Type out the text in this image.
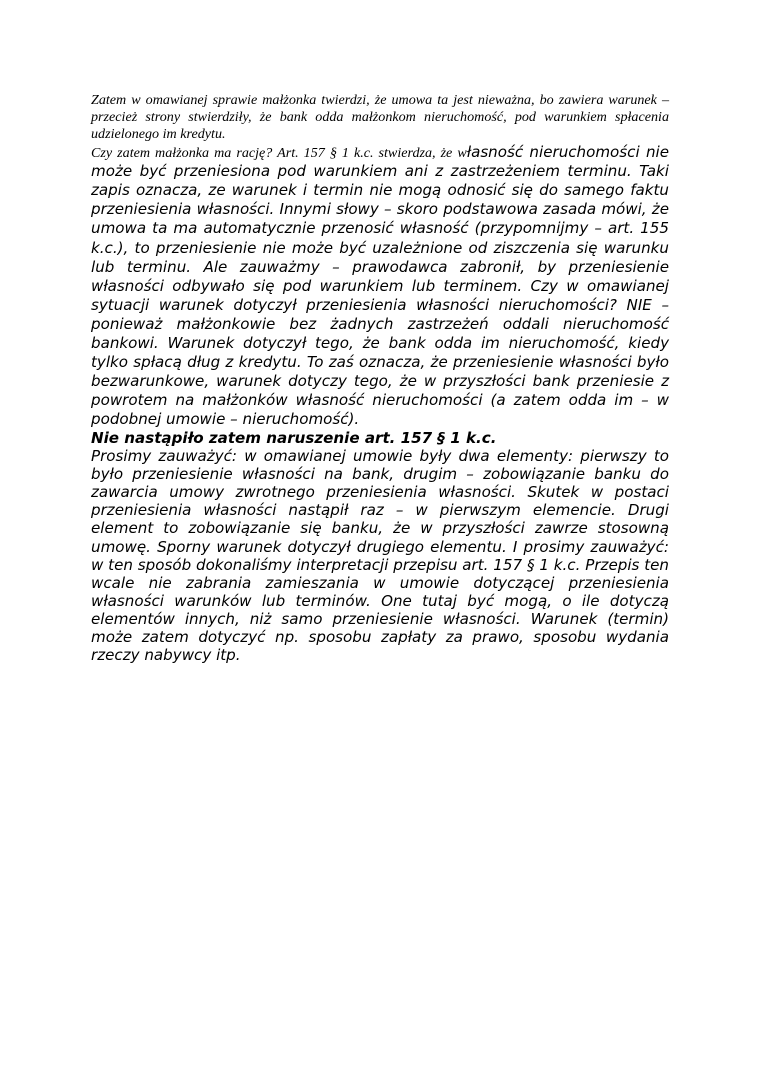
Zatem w omawianej sprawie małżonka twierdzi, że umowa ta jest nieważna, bo zawiera warunek – przecież strony stwierdziły, że bank odda małżonkom nieruchomość, pod warunkiem spłacenia udzielonego im kredytu.

Czy zatem małżonka ma rację? Art. 157 § 1 k.c. stwierdza, że własność nieruchomości nie może być przeniesiona pod warunkiem ani z zastrzeżeniem terminu. Taki zapis oznacza, ze warunek i termin nie mogą odnosić się do samego faktu przeniesienia własności. Innymi słowy – skoro podstawowa zasada mówi, że umowa ta ma automatycznie przenosić własność (przypomnijmy – art. 155 k.c.), to przeniesienie nie może być uzależnione od ziszczenia się warunku lub terminu. Ale zauważmy – prawodawca zabronił, by przeniesienie własności odbywało się pod warunkiem lub terminem. Czy w omawianej sytuacji warunek dotyczył przeniesienia własności nieruchomości? NIE – ponieważ małżonkowie bez żadnych zastrzeżeń oddali nieruchomość bankowi. Warunek dotyczył tego, że bank odda im nieruchomość, kiedy tylko spłacą dług z kredytu. To zaś oznacza, że przeniesienie własności było bezwarunkowe, warunek dotyczy tego, że w przyszłości bank przeniesie z powrotem na małżonków własność nieruchomości (a zatem odda im – w podobnej umowie – nieruchomość).

Nie nastąpiło zatem naruszenie art. 157 § 1 k.c.

Prosimy zauważyć: w omawianej umowie były dwa elementy: pierwszy to było przeniesienie własności na bank, drugim – zobowiązanie banku do zawarcia umowy zwrotnego przeniesienia własności. Skutek w postaci przeniesienia własności nastąpił raz – w pierwszym elemencie. Drugi element to zobowiązanie się banku, że w przyszłości zawrze stosowną umowę. Sporny warunek dotyczył drugiego elementu. I prosimy zauważyć: w ten sposób dokonaliśmy interpretacji przepisu art. 157 § 1 k.c. Przepis ten wcale nie zabrania zamieszania w umowie dotyczącej przeniesienia własności warunków lub terminów. One tutaj być mogą, o ile dotyczą elementów innych, niż samo przeniesienie własności. Warunek (termin) może zatem dotyczyć np. sposobu zapłaty za prawo, sposobu wydania rzeczy nabywcy itp.
